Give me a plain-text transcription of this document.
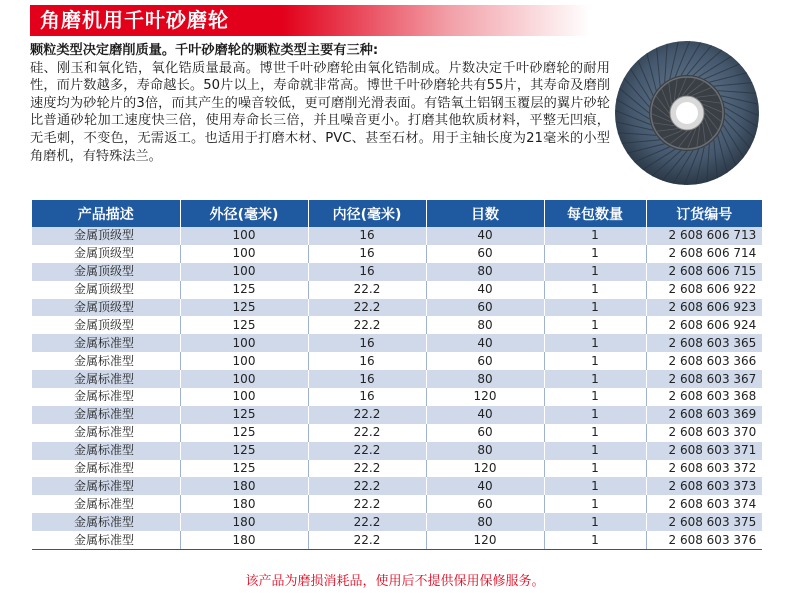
角磨机用千叶砂磨轮
颗粒类型决定磨削质量。千叶砂磨轮的颗粒类型主要有三种:
硅、刚玉和氧化锆，氧化锆质量最高。博世千叶砂磨轮由氧化锆制成。片数决定千叶砂磨轮的耐用性，而片数越多，寿命越长。50片以上，寿命就非常高。博世千叶砂磨轮共有55片，其寿命及磨削速度均为砂轮片的3倍，而其产生的噪音较低，更可磨削光滑表面。有锆氧土铝钢玉覆层的翼片砂轮比普通砂轮加工速度快三倍，使用寿命长三倍，并且噪音更小。打磨其他软质材料，平整无凹痕，无毛刺，不变色，无需返工。也适用于打磨木材、PVC、甚至石材。用于主轴长度为21毫米的小型角磨机，有特殊法兰。
产品描述	外径(毫米)	内径(毫米)	目数	每包数量	订货编号
金属顶级型	100	16	40	1	2 608 606 713
金属顶级型	100	16	60	1	2 608 606 714
金属顶级型	100	16	80	1	2 608 606 715
金属顶级型	125	22.2	40	1	2 608 606 922
金属顶级型	125	22.2	60	1	2 608 606 923
金属顶级型	125	22.2	80	1	2 608 606 924
金属标准型	100	16	40	1	2 608 603 365
金属标准型	100	16	60	1	2 608 603 366
金属标准型	100	16	80	1	2 608 603 367
金属标准型	100	16	120	1	2 608 603 368
金属标准型	125	22.2	40	1	2 608 603 369
金属标准型	125	22.2	60	1	2 608 603 370
金属标准型	125	22.2	80	1	2 608 603 371
金属标准型	125	22.2	120	1	2 608 603 372
金属标准型	180	22.2	40	1	2 608 603 373
金属标准型	180	22.2	60	1	2 608 603 374
金属标准型	180	22.2	80	1	2 608 603 375
金属标准型	180	22.2	120	1	2 608 603 376
该产品为磨损消耗品，使用后不提供保用保修服务。
